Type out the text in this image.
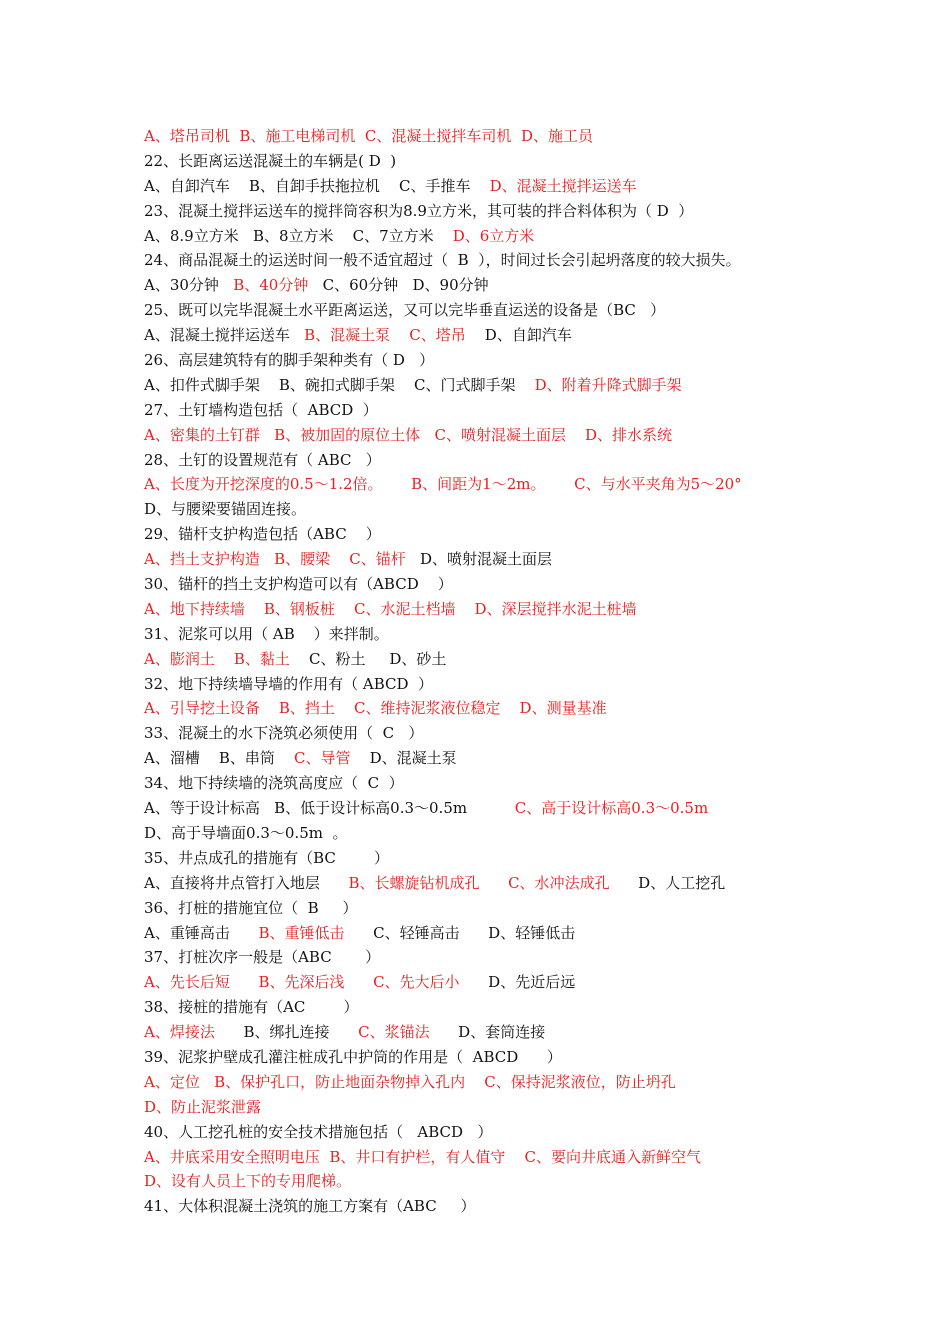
A、塔吊司机  B、施工电梯司机  C、混凝土搅拌车司机  D、施工员
22、长距离运送混凝土的车辆是( D  )
A、自卸汽车    B、自卸手扶拖拉机    C、手推车    D、混凝土搅拌运送车
23、混凝土搅拌运送车的搅拌筒容积为8.9立方米，其可装的拌合料体积为（ D  ）
A、8.9立方米   B、8立方米    C、7立方米    D、6立方米
24、商品混凝土的运送时间一般不适宜超过（  B  ），时间过长会引起坍落度的较大损失。
A、30分钟   B、40分钟   C、60分钟   D、90分钟
25、既可以完毕混凝土水平距离运送，又可以完毕垂直运送的设备是（BC   ）
A、混凝土搅拌运送车   B、混凝土泵    C、塔吊    D、自卸汽车
26、高层建筑特有的脚手架种类有（ D   ）
A、扣件式脚手架    B、碗扣式脚手架    C、门式脚手架    D、附着升降式脚手架
27、土钉墙构造包括（  ABCD  ）
A、密集的土钉群   B、被加固的原位土体   C、喷射混凝土面层    D、排水系统
28、土钉的设置规范有（ ABC   ）
A、长度为开挖深度的0.5～1.2倍。      B、间距为1～2m。      C、与水平夹角为5～20°
D、与腰梁要锚固连接。
29、锚杆支护构造包括（ABC    ）
A、挡土支护构造   B、腰梁    C、锚杆   D、喷射混凝土面层
30、锚杆的挡土支护构造可以有（ABCD    ）
A、地下持续墙    B、钢板桩    C、水泥土档墙    D、深层搅拌水泥土桩墙
31、泥浆可以用（ AB    ）来拌制。
A、膨润土    B、黏土    C、粉土     D、砂土
32、地下持续墙导墙的作用有（ ABCD  ）
A、引导挖土设备    B、挡土    C、维持泥浆液位稳定    D、测量基准
33、混凝土的水下浇筑必须使用（  C   ）
A、溜槽    B、串筒    C、导管    D、混凝土泵
34、地下持续墙的浇筑高度应（  C  ）
A、等于设计标高   B、低于设计标高0.3～0.5m          C、高于设计标高0.3～0.5m
D、高于导墙面0.3～0.5m  。
35、井点成孔的措施有（BC        ）
A、直接将井点管打入地层      B、长螺旋钻机成孔      C、水冲法成孔      D、人工挖孔
36、打桩的措施宜位（  B     ）
A、重锤高击      B、重锤低击      C、轻锤高击      D、轻锤低击
37、打桩次序一般是（ABC       ）
A、先长后短      B、先深后浅      C、先大后小      D、先近后远
38、接桩的措施有（AC        ）
A、焊接法      B、绑扎连接      C、浆锚法      D、套筒连接
39、泥浆护壁成孔灌注桩成孔中护筒的作用是（  ABCD      ）
A、定位   B、保护孔口，防止地面杂物掉入孔内    C、保持泥浆液位，防止坍孔
D、防止泥浆泄露
40、人工挖孔桩的安全技术措施包括（   ABCD   ）
A、井底采用安全照明电压  B、井口有护栏，有人值守    C、要向井底通入新鲜空气
D、设有人员上下的专用爬梯。
41、大体积混凝土浇筑的施工方案有（ABC     ）
